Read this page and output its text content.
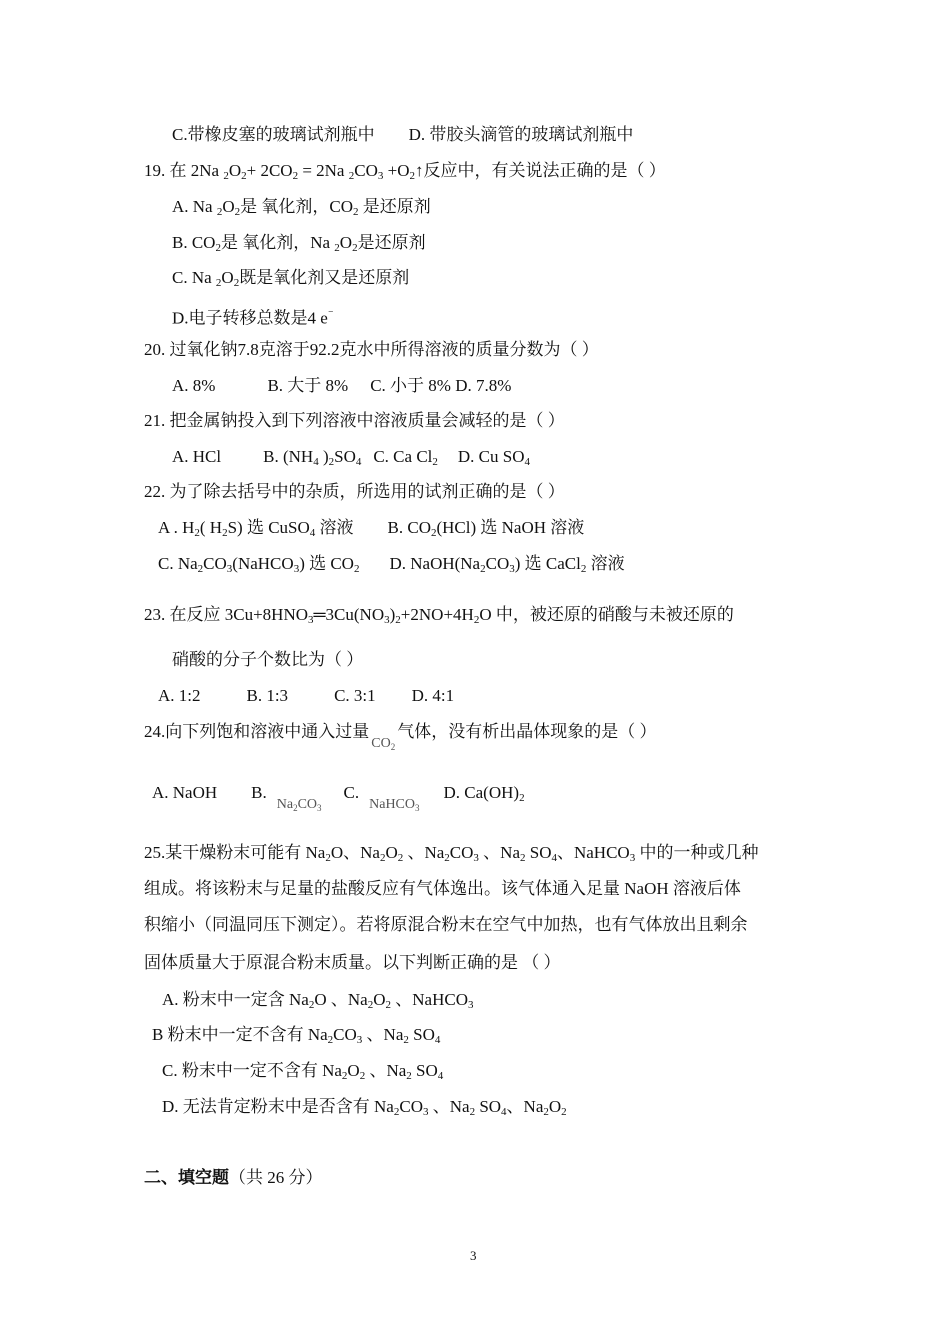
C.带橡皮塞的玻璃试剂瓶中 D. 带胶头滴管的玻璃试剂瓶中
19. 在 2Na $_2O_2+ 2CO_2 = 2Na$ $_2CO_3$ $+O_2↑$反应中，有关说法正确的是（ ）
A. Na $_2O_2$是 氧化剂，$CO_2$ 是还原剂
B. $CO_2$是 氧化剂，Na $_2O_2$是还原剂
C. Na $_2O_2$既是氧化剂又是还原剂
D.电子转移总数是4 e⁻
20. 过氧化钠7.8克溶于92.2克水中所得溶液的质量分数为（ ）
A. 8%	B. 大于 8% C. 小于 8% D. 7.8%
21. 把金属钠投入到下列溶液中溶液质量会减轻的是（ ）
A. HCl B. ($NH_4$ )$_2SO_4$ C. Ca $Cl_2$ D. Cu $SO_4$
22. 为了除去括号中的杂质，所选用的试剂正确的是（ ）
A . $H_2$( $H_2S$) 选 CuSO$_4$ 溶液 B. $CO_2(HCl)$ 选 NaOH 溶液
C. $Na_2CO_3(NaHCO_3)$ 选 $CO_2$ D. $NaOH(Na_2CO_3)$ 选 CaCl$_2$ 溶液
23. 在反应 $3Cu+8HNO_3═3Cu(NO_3)_2+2NO+4H_2O$ 中，被还原的硝酸与未被还原的
硝酸的分子个数比为（ ）
A. 1:2	B. 1:3	C. 3:1 D. 4:1
24.向下列饱和溶液中通入过量$_{CO_2}$气体，没有析出晶体现象的是（ ）
A. NaOH $B._{Na_2CO_3}C._{NaHCO_3}D$. $Ca(OH)_2$
25.某干燥粉末可能有 $Na_2O$、$Na_2O_2$ 、$Na_2CO_3$ 、$Na_2$ $SO_4$、NaHCO$_3$ 中的一种或几种
组成。将该粉末与足量的盐酸反应有气体逸出。该气体通入足量 NaOH 溶液后体
积缩小（同温同压下测定）。若将原混合粉末在空气中加热，也有气体放出且剩余
固体质量大于原混合粉末质量。以下判断正确的是 （ ）
A. 粉末中一定含 $Na_2O$ 、$Na_2O_2$ 、NaHCO$_3$
B 粉末中一定不含有 $Na_2CO_3$ 、$Na_2$ $SO_4$
C. 粉末中一定不含有 $Na_2O_2$ 、$Na_2$ $SO_4$
D. 无法肯定粉末中是否含有 $Na_2CO_3$ 、$Na_2$ $SO_4$、$Na_2O_2$
二、填空题（共 26 分）
3
